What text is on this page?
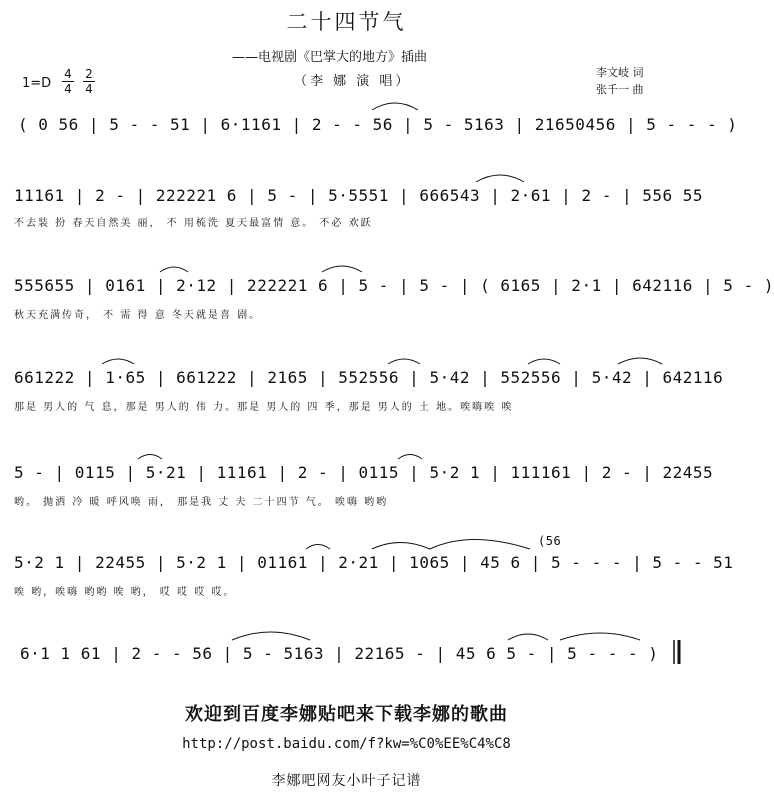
二十四节气
——电视剧《巴掌大的地方》插曲
（李 娜 演 唱）
李文岐 词
张千一 曲
1=D
4
4
2
4
( 0 56 | 5 - - 51 | 6·1161 | 2 - - 56 | 5 - 5163 | 21650456 | 5 - - - )
11161 | 2 - | 222221 6 | 5 - | 5·5551 | 666543 | 2·61 | 2 - | 556 55
不去装 扮 春天自然美 丽， 不 用梳洗 夏天最富情 意。 不必 欢跃
555655 | 0161 | 2·12 | 222221 6 | 5 - | 5 - | ( 6165 | 2·1 | 642116 | 5 - )
秋天充满传奇， 不 需 得 意 冬天就是喜 剧。
661222 | 1·65 | 661222 | 2165 | 552556 | 5·42 | 552556 | 5·42 | 642116
那是 男人的 气 息，那是 男人的 伟 力。那是 男人的 四 季，那是 男人的 土 地。唉嗨唉 唉
5 - | 0115 | 5·21 | 11161 | 2 - | 0115 | 5·2 1 | 111161 | 2 - | 22455
哟。 抛洒 冷 暖 呼风唤 雨， 那是我 丈 夫 二十四节 气。 唉嗨 哟哟
(56
5·2 1 | 22455 | 5·2 1 | 01161 | 2·21 | 1065 | 45 6 | 5 - - - | 5 - - 51
唉 哟，唉嗨 哟哟 唉 哟， 哎 哎 哎 哎。
6·1 1 61 | 2 - - 56 | 5 - 5163 | 22165 - | 45 6 5 - | 5 - - - )
欢迎到百度李娜贴吧来下载李娜的歌曲
http://post.baidu.com/f?kw=%C0%EE%C4%C8
李娜吧网友小叶子记谱
